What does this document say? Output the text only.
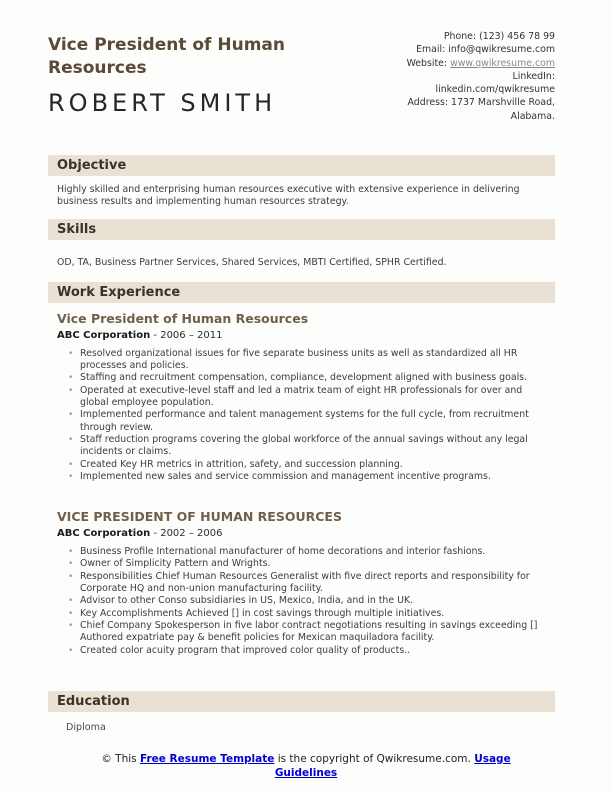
Vice President of Human Resources
ROBERT SMITH
Phone: (123) 456 78 99
Email: info@qwikresume.com
Website: www.qwikresume.com
LinkedIn:
linkedin.com/qwikresume
Address: 1737 Marshville Road,
Alabama.
Objective
Highly skilled and enterprising human resources executive with extensive experience in delivering business results and implementing human resources strategy.
Skills
OD, TA, Business Partner Services, Shared Services, MBTI Certified, SPHR Certified.
Work Experience
Vice President of Human Resources
ABC Corporation - 2006 – 2011
• Resolved organizational issues for five separate business units as well as standardized all HR processes and policies.
• Staffing and recruitment compensation, compliance, development aligned with business goals.
• Operated at executive-level staff and led a matrix team of eight HR professionals for over and global employee population.
• Implemented performance and talent management systems for the full cycle, from recruitment through review.
• Staff reduction programs covering the global workforce of the annual savings without any legal incidents or claims.
• Created Key HR metrics in attrition, safety, and succession planning.
• Implemented new sales and service commission and management incentive programs.
VICE PRESIDENT OF HUMAN RESOURCES
ABC Corporation - 2002 – 2006
• Business Profile International manufacturer of home decorations and interior fashions.
• Owner of Simplicity Pattern and Wrights.
• Responsibilities Chief Human Resources Generalist with five direct reports and responsibility for Corporate HQ and non-union manufacturing facility.
• Advisor to other Conso subsidiaries in US, Mexico, India, and in the UK.
• Key Accomplishments Achieved [] in cost savings through multiple initiatives.
• Chief Company Spokesperson in five labor contract negotiations resulting in savings exceeding [] Authored expatriate pay & benefit policies for Mexican maquiladora facility.
• Created color acuity program that improved color quality of products..
Education
Diploma
© This Free Resume Template is the copyright of Qwikresume.com. Usage Guidelines
